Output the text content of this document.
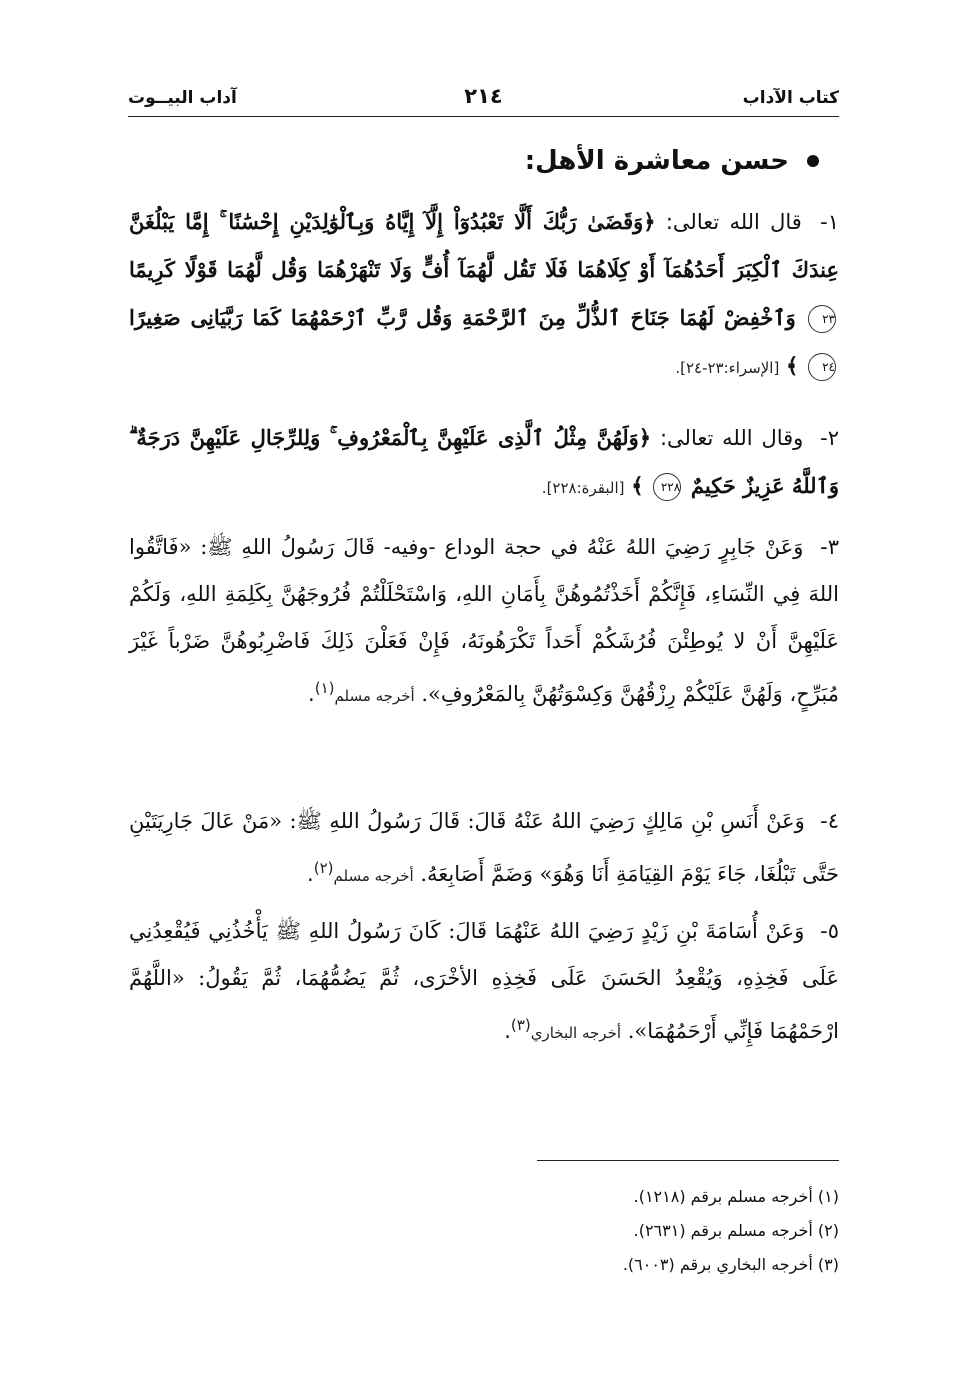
كتاب الآداب
٢١٤
آداب البيــوت
حسن معاشرة الأهل:
١- قال الله تعالى: ﴿وَقَضَىٰ رَبُّكَ أَلَّا تَعْبُدُوٓاْ إِلَّآ إِيَّاهُ وَبِٱلْوَٰلِدَيْنِ إِحْسَٰنًا ۚ إِمَّا يَبْلُغَنَّ عِندَكَ ٱلْكِبَرَ أَحَدُهُمَآ أَوْ كِلَاهُمَا فَلَا تَقُل لَّهُمَآ أُفٍّ وَلَا تَنْهَرْهُمَا وَقُل لَّهُمَا قَوْلًا كَرِيمًا ٢٣ وَٱخْفِضْ لَهُمَا جَنَاحَ ٱلذُّلِّ مِنَ ٱلرَّحْمَةِ وَقُل رَّبِّ ٱرْحَمْهُمَا كَمَا رَبَّيَانِى صَغِيرًا ٢٤ ﴾ [الإسراء:٢٣-٢٤].
٢- وقال الله تعالى: ﴿وَلَهُنَّ مِثْلُ ٱلَّذِى عَلَيْهِنَّ بِٱلْمَعْرُوفِ ۚ وَلِلرِّجَالِ عَلَيْهِنَّ دَرَجَةٌ ۗ وَٱللَّهُ عَزِيزٌ حَكِيمٌ ٢٢٨ ﴾ [البقرة:٢٢٨].
٣- وَعَنْ جَابِرٍ رَضِيَ اللهُ عَنْهُ في حجة الوداع -وفيه- قَالَ رَسُولُ اللهِ ﷺ: «فَاتَّقُوا اللهَ فِي النِّسَاءِ، فَإِنَّكُمْ أَخَذْتُمُوهُنَّ بِأَمَانِ اللهِ، وَاسْتَحْلَلْتُمْ فُرُوجَهُنَّ بِكَلِمَةِ اللهِ، وَلَكُمْ عَلَيْهِنَّ أَنْ لا يُوطِئْنَ فُرُشَكُمْ أَحَداً تَكْرَهُونَهُ، فَإِنْ فَعَلْنَ ذَلِكَ فَاضْرِبُوهُنَّ ضَرْباً غَيْرَ مُبَرِّحٍ، وَلَهُنَّ عَلَيْكُمْ رِزْقُهُنَّ وَكِسْوَتُهُنَّ بِالمَعْرُوفِ». أخرجه مسلم$^{(١)}$.
٤- وَعَنْ أَنَسِ بْنِ مَالِكٍ رَضِيَ اللهُ عَنْهُ قَالَ: قَالَ رَسُولُ اللهِ ﷺ: «مَنْ عَالَ جَارِيَتَيْنِ حَتَّى تَبْلُغَا، جَاءَ يَوْمَ القِيَامَةِ أَنَا وَهُوَ» وَضَمَّ أَصَابِعَهُ. أخرجه مسلم$^{(٢)}$.
٥- وَعَنْ أُسَامَةَ بْنِ زَيْدٍ رَضِيَ اللهُ عَنْهُمَا قَالَ: كَانَ رَسُولُ اللهِ ﷺ يَأْخُذُنِي فَيُقْعِدُنِي عَلَى فَخِذِهِ، وَيُقْعِدُ الحَسَنَ عَلَى فَخِذِهِ الأخْرَى، ثُمَّ يَضُمُّهُمَا، ثُمَّ يَقُولُ: «اللَّهُمَّ ارْحَمْهُمَا فَإِنِّي أَرْحَمُهُمَا». أخرجه البخاري$^{(٣)}$.
(١) أخرجه مسلم برقم (١٢١٨).
(٢) أخرجه مسلم برقم (٢٦٣١).
(٣) أخرجه البخاري برقم (٦٠٠٣).
